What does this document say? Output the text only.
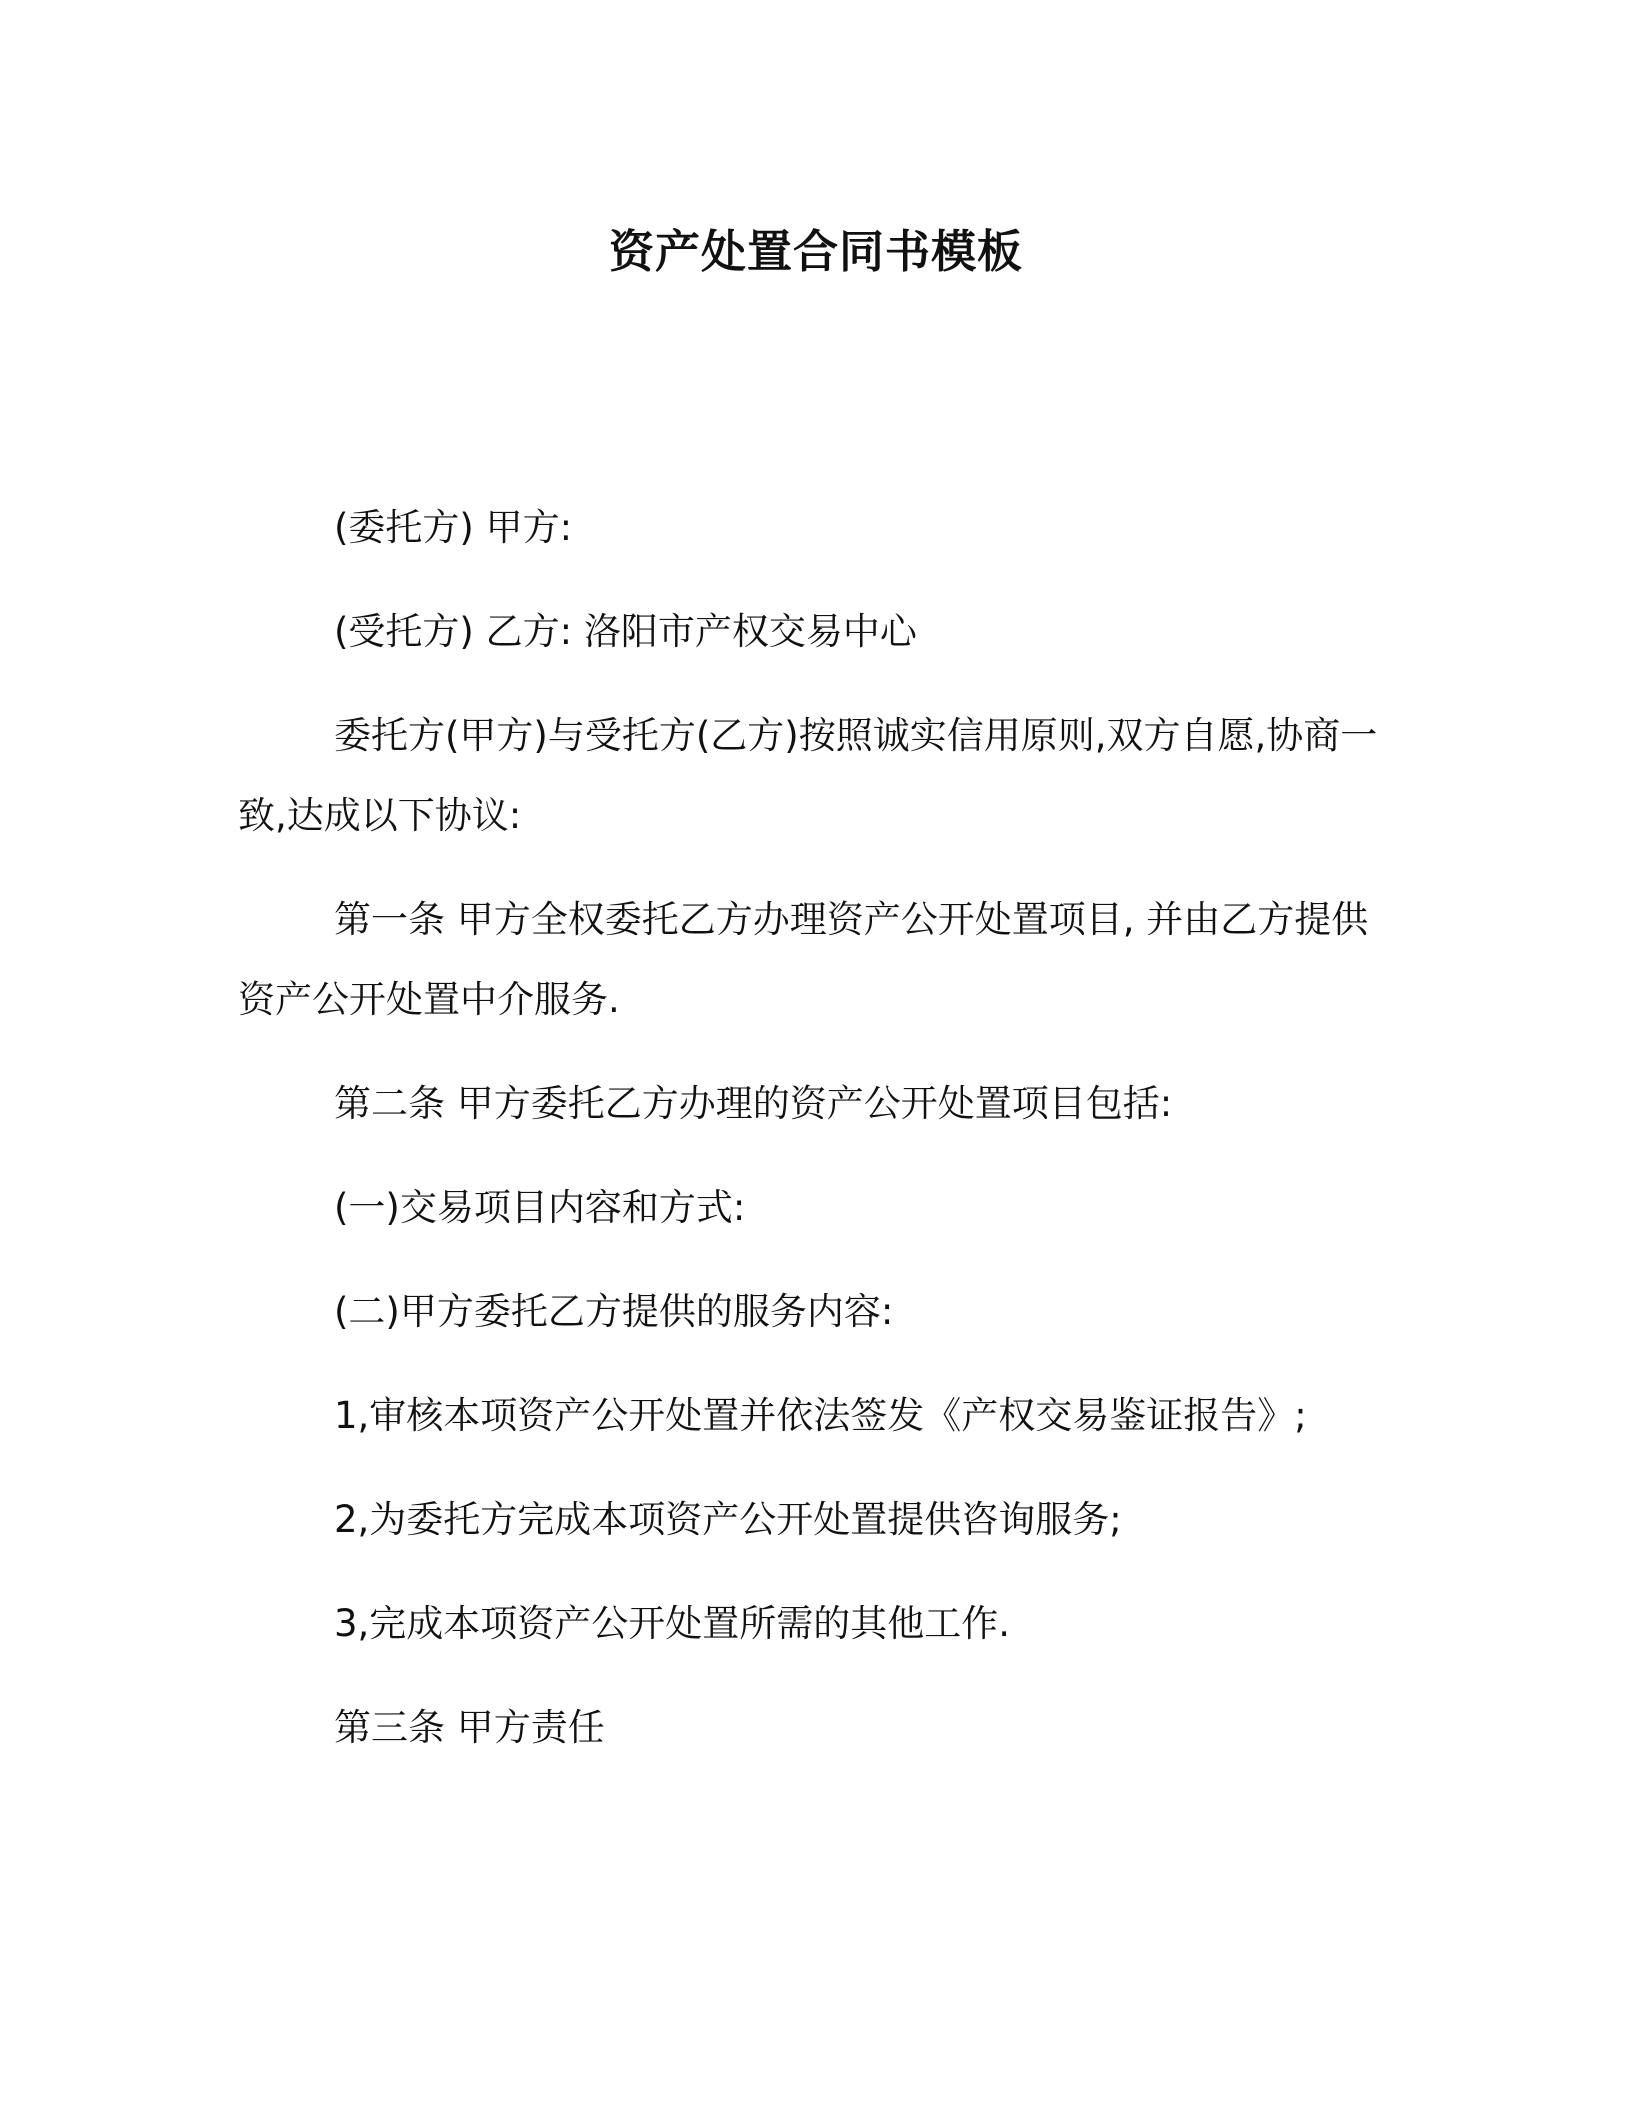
资产处置合同书模板

(委托方) 甲方:

(受托方) 乙方: 洛阳市产权交易中心

委托方(甲方)与受托方(乙方)按照诚实信用原则,双方自愿,协商一致,达成以下协议:

第一条 甲方全权委托乙方办理资产公开处置项目, 并由乙方提供资产公开处置中介服务.

第二条 甲方委托乙方办理的资产公开处置项目包括:

(一)交易项目内容和方式:

(二)甲方委托乙方提供的服务内容:

1,审核本项资产公开处置并依法签发《产权交易鉴证报告》;

2,为委托方完成本项资产公开处置提供咨询服务;

3,完成本项资产公开处置所需的其他工作.

第三条 甲方责任
